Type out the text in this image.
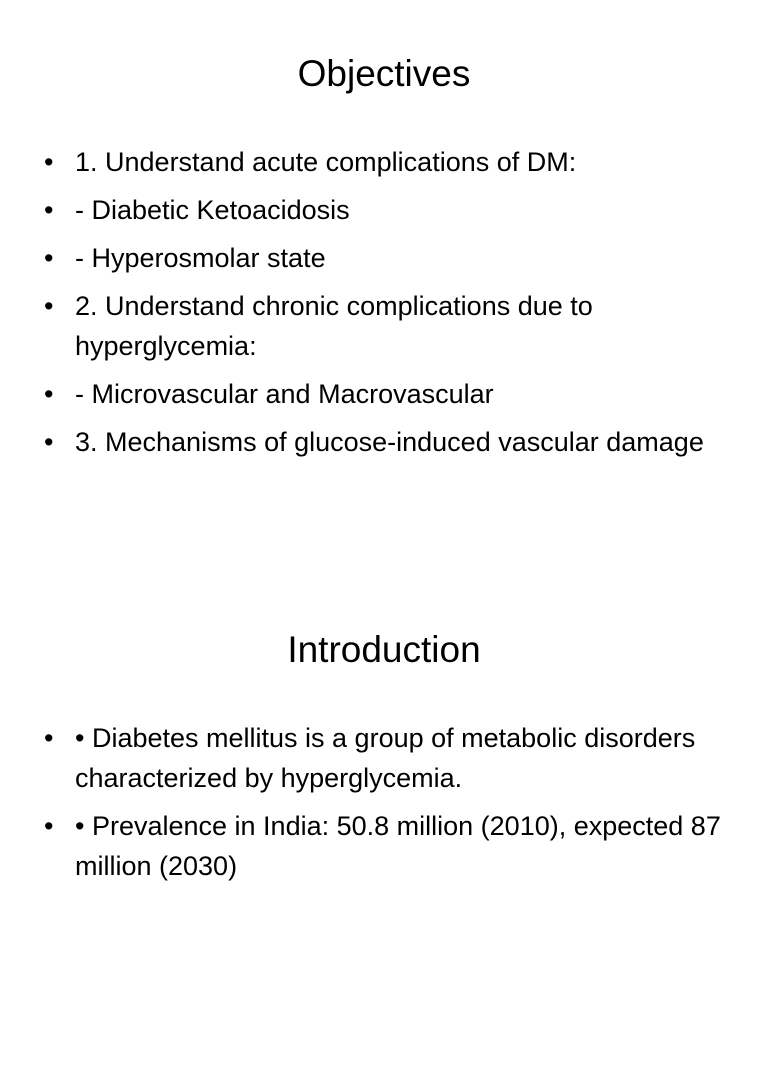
Objectives
• 1. Understand acute complications of DM:
• - Diabetic Ketoacidosis
• - Hyperosmolar state
• 2. Understand chronic complications due to hyperglycemia:
• - Microvascular and Macrovascular
• 3. Mechanisms of glucose-induced vascular damage
Introduction
• • Diabetes mellitus is a group of metabolic disorders characterized by hyperglycemia.
• • Prevalence in India: 50.8 million (2010), expected 87 million (2030)
